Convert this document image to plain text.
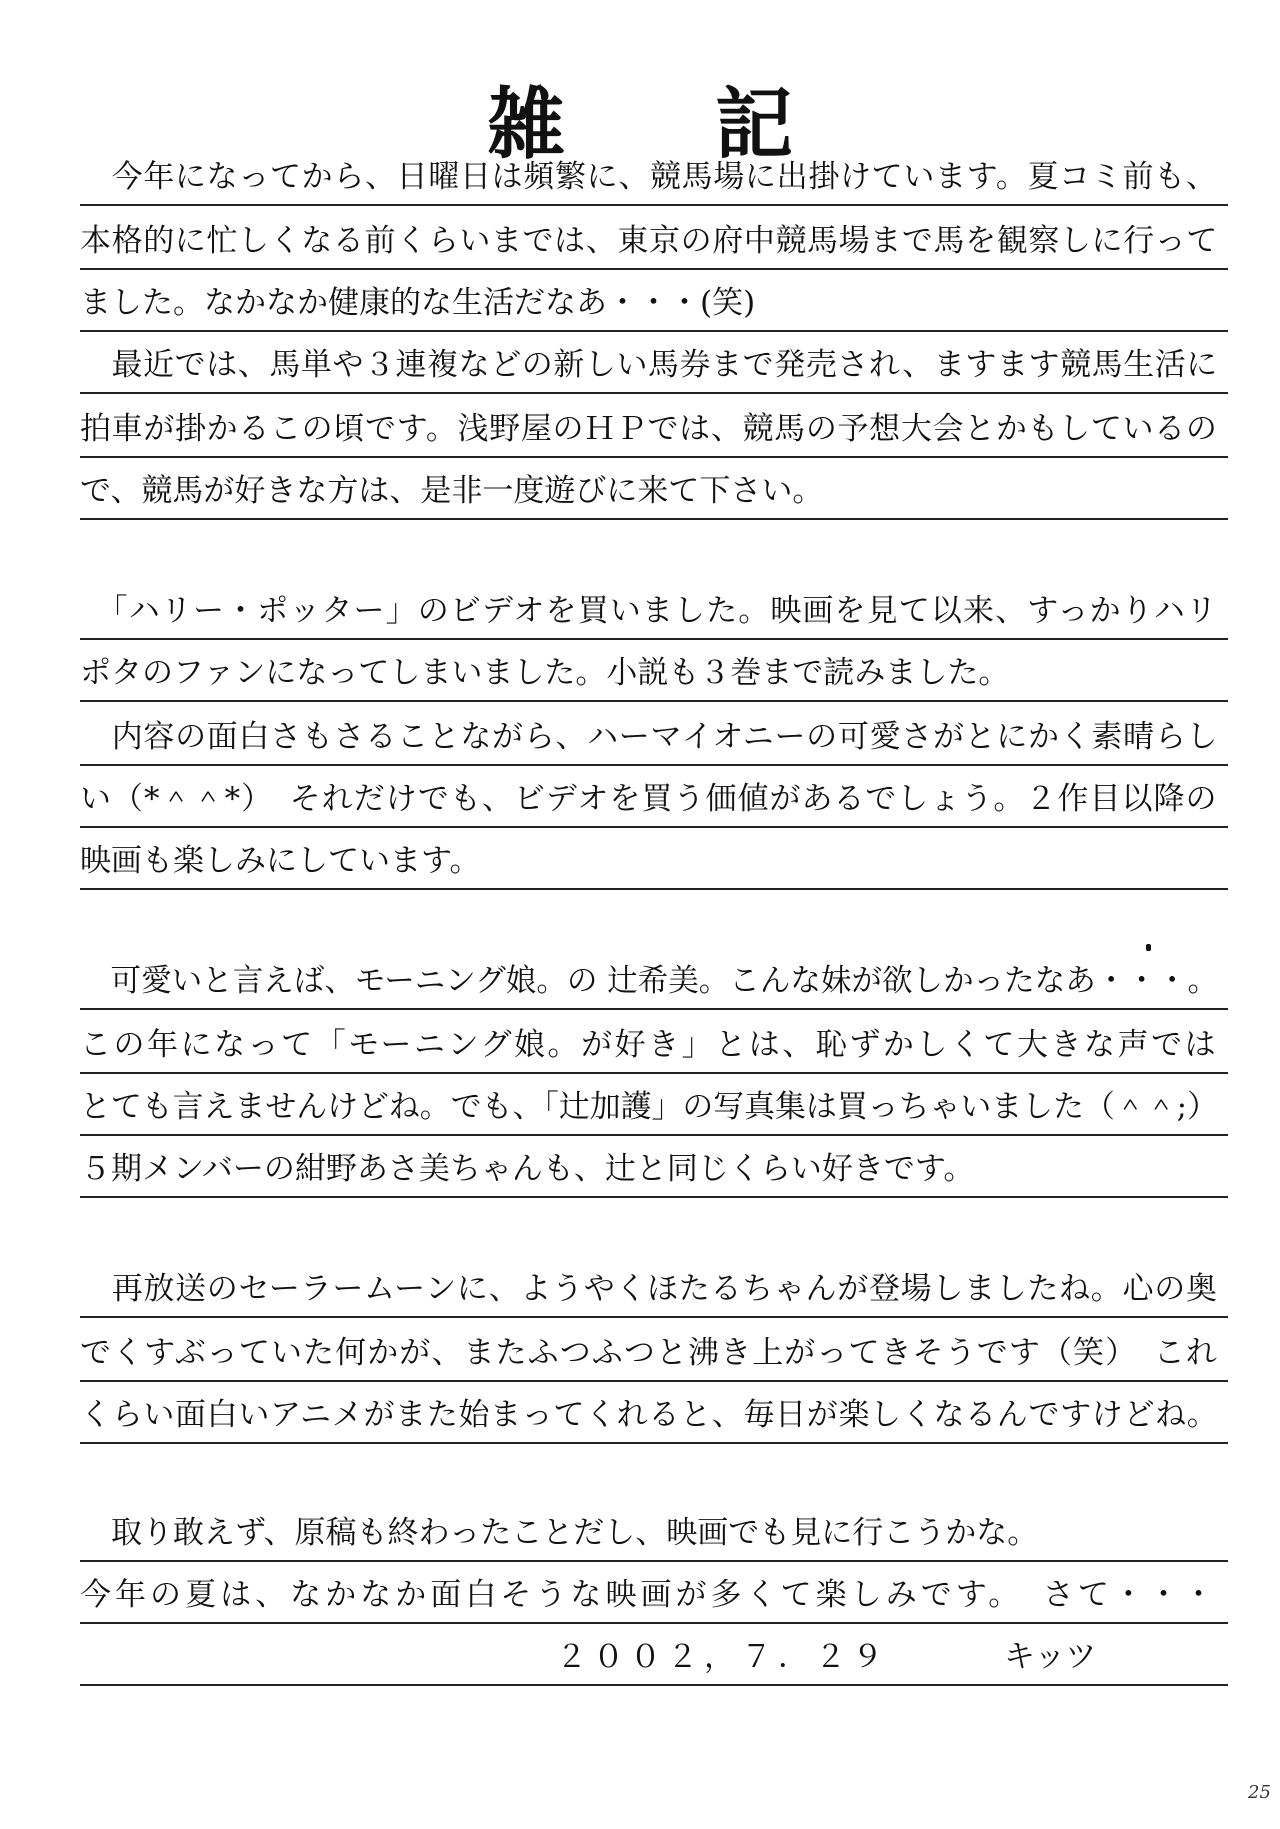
雑 記
　今年になってから、日曜日は頻繁に、競馬場に出掛けています。夏コミ前も、
本格的に忙しくなる前くらいまでは、東京の府中競馬場まで馬を観察しに行って
ました。なかなか健康的な生活だなあ・・・(笑)
　最近では、馬単や３連複などの新しい馬券まで発売され、ますます競馬生活に
拍車が掛かるこの頃です。浅野屋のＨＰでは、競馬の予想大会とかもしているの
で、競馬が好きな方は、是非一度遊びに来て下さい。
　「ハリー・ポッター」のビデオを買いました。映画を見て以来、すっかりハリ
ポタのファンになってしまいました。小説も３巻まで読みました。
　内容の面白さもさることながら、ハーマイオニーの可愛さがとにかく素晴らし
い（*＾＾*）　それだけでも、ビデオを買う価値があるでしょう。２作目以降の
映画も楽しみにしています。
　可愛いと言えば、モーニング娘。の 辻希美。こんな妹が欲しかったなあ・・・。
この年になって「モーニング娘。が好き」とは、恥ずかしくて大きな声では
とても言えませんけどね。でも、「辻加護」の写真集は買っちゃいました（＾＾;）
５期メンバーの紺野あさ美ちゃんも、辻と同じくらい好きです。
　再放送のセーラームーンに、ようやくほたるちゃんが登場しましたね。心の奥
でくすぶっていた何かが、またふつふつと沸き上がってきそうです（笑）　これ
くらい面白いアニメがまた始まってくれると、毎日が楽しくなるんですけどね。
　取り敢えず、原稿も終わったことだし、映画でも見に行こうかな。
今年の夏は、なかなか面白そうな映画が多くて楽しみです。　さて・・・
２００２，７．２９	キッツ
25
